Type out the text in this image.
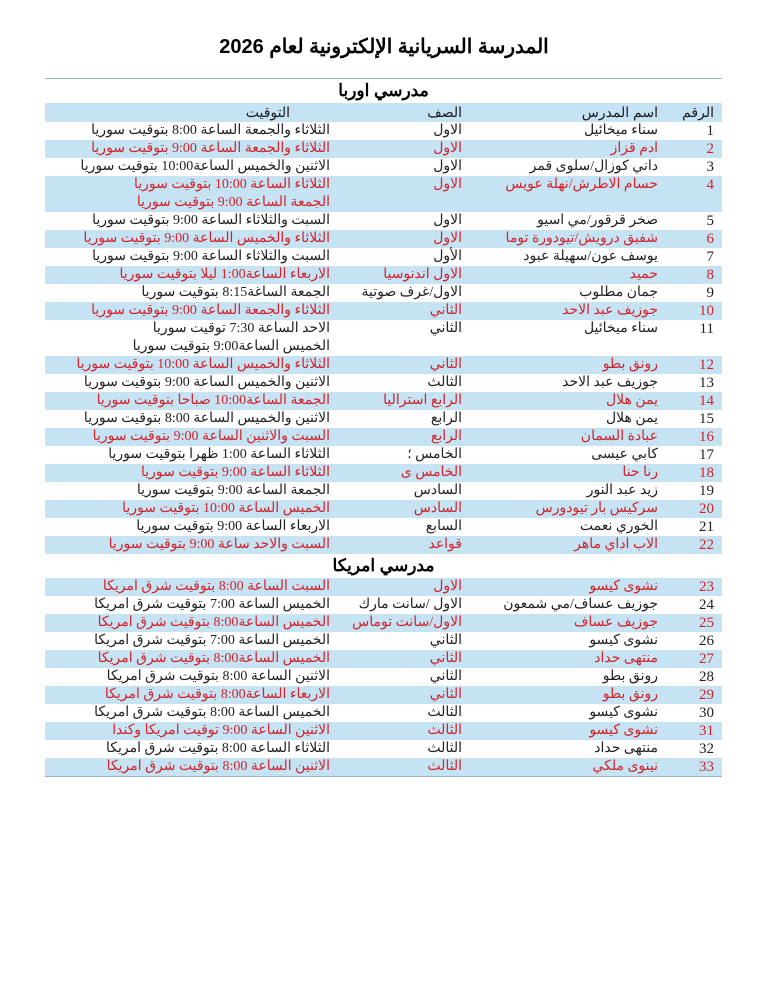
المدرسة السريانية الإلكترونية لعام 2026
مدرسي اوربا
الرقم
اسم المدرس
الصف
التوقيت
1
سناء ميخائيل
الاول
الثلاثاء والجمعة الساعة 8:00 بتوقيت سوريا
2
ادم قزاز
الاول
الثلاثاء والجمعة الساعة 9:00 بتوقيت سوريا
3
داني كوزال/سلوى قمر
الاول
الاثنين والخميس الساعة10:00 بتوقيت سوريا
4
حسام الاطرش/نهلة عويس
الاول
الثلاثاء الساعة 10:00 بتوقيت سوريا
الجمعة الساعة 9:00 بتوقيت سوريا
5
صخر قرقور/مي اسيو
الاول
السبت والثلاثاء الساعة 9:00 بتوقيت سوريا
6
شفيق درويش/تيودورة توما
الاول
الثلاثاء والخميس الساعة 9:00 بتوقيت سوريا
7
يوسف عون/سهيلة عبود
الأول
السبت والثلاثاء الساعة 9:00 بتوقيت سوريا
8
حميد
الاول اندنوسيا
الاربعاء الساعة1:00 ليلا بتوقيت سوريا
9
جمان مطلوب
الاول/غرف صوتية
الجمعة الساغة8:15 بتوقيت سوريا
10
جوزيف عبد الاحد
الثاني
الثلاثاء والجمعة الساعة 9:00 بتوقيت سوريا
11
سناء ميخائيل
الثاني
الاحد الساعة 7:30 توقيت سوريا
الخميس الساعة9:00 بتوقيت سوريا
12
رونق بطو
الثاني
الثلاثاء والخميس الساعة 10:00 بتوقيت سوريا
13
جوزيف عبد الاحد
الثالث
الاثنين والخميس الساعة 9:00 بتوقيت سوريا
14
يمن هلال
الرابع استراليا
الجمعة الساعة10:00 صباحا بتوقيت سوريا
15
يمن هلال
الرابع
الاثنين والخميس الساعة 8:00 بتوقيت سوريا
16
عبادة السمان
الرابع
السبت والاثنين الساعة 9:00 بتوقيت سوريا
17
كابي عيسى
الخامس ؛
الثلاثاء الساعة 1:00 ظهرا بتوقيت سوريا
18
رنا حنا
الخامس ى
الثلاثاء الساعة 9:00 بتوقيت سوريا
19
زيد عبد النور
السادس
الجمعة الساعة 9:00 بتوقيت سوريا
20
سركيس بار تيودورس
السادس
الخميس الساعة 10:00 بتوقيت سوريا
21
الخوري نعمت
السابع
الاربعاء الساعة 9:00 بتوقيت سوريا
22
الاب اداي ماهر
قواعد
السبت والاحد ساعة 9:00 بتوقيت سوريا
مدرسي امريكا
23
نشوى كيسو
الاول
السبت الساعة 8:00 بتوقيت شرق امريكا
24
جوزيف عساف/مي شمعون
الاول /سانت مارك
الخميس الساعة 7:00 بتوقيت شرق امريكا
25
جوزيف عساف
الاول/سانت توماس
الخميس الساعة8:00 بتوقيت شرق امريكا
26
نشوى كيسو
الثاني
الخميس الساعة 7:00 بتوقيت شرق امريكا
27
منتهى حداد
الثاني
الخميس الساعة8:00 بتوقيت شرق امريكا
28
رونق بطو
الثاني
الاثنين الساعة 8:00 بتوقيت شرق امريكا
29
رونق بطو
الثاني
الاربعاء الساعة8:00 بتوقيت شرق امريكا
30
نشوى كيسو
الثالث
الخميس الساعة 8:00 بتوقيت شرق امريكا
31
نشوى كيسو
الثالث
الاثنين الساعة 9:00 توقيت امريكا وكندا
32
منتهى حداد
الثالث
الثلاثاء الساعة 8:00 بتوقيت شرق امريكا
33
نينوى ملكي
الثالث
الاثنين الساعة 8:00 بتوقيت شرق امريكا
